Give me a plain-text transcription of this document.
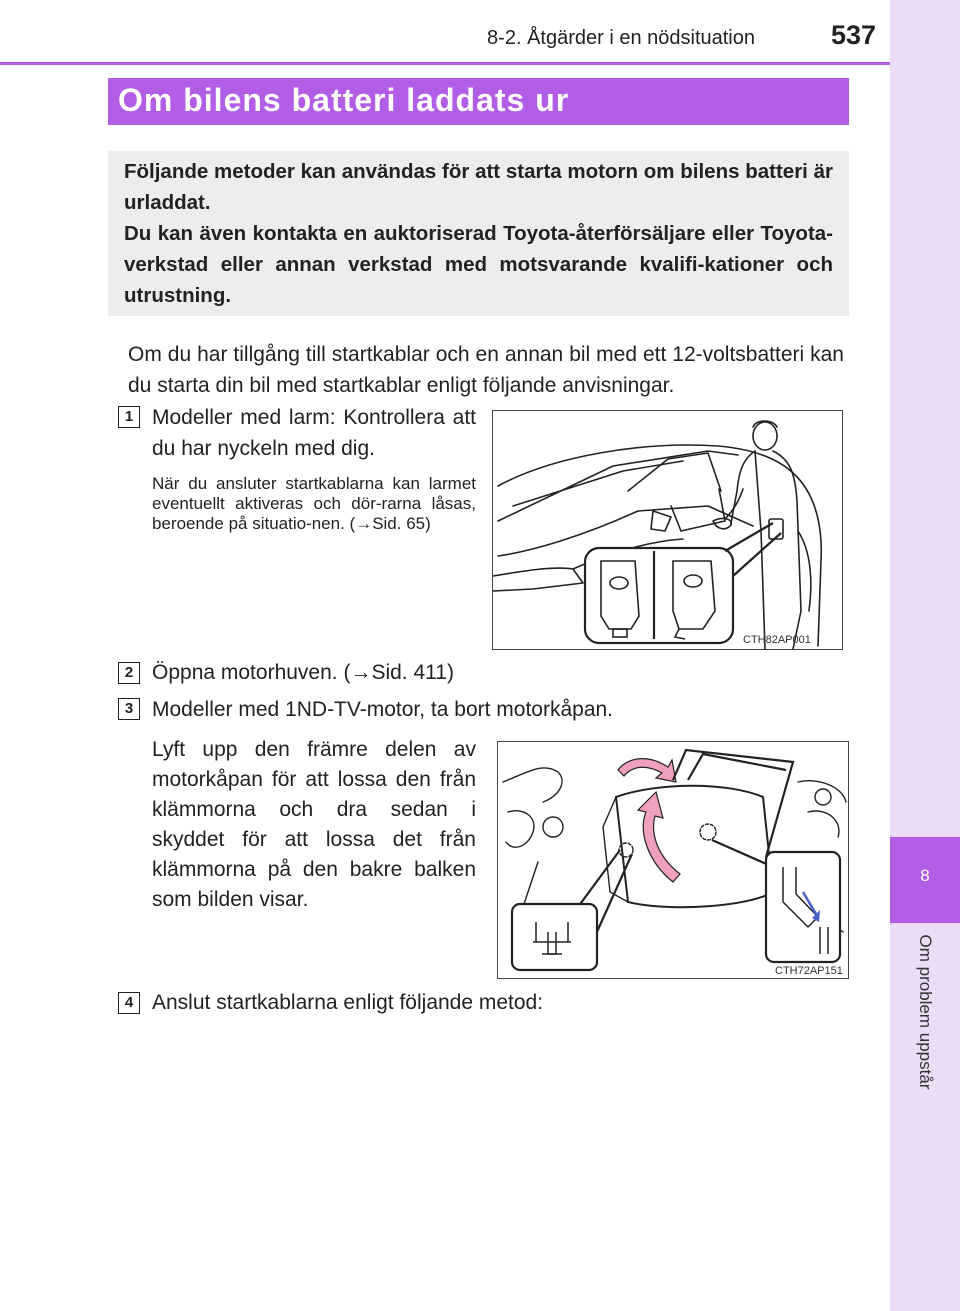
8-2. Åtgärder i en nödsituation	537
8
Om problem uppstår
Om bilens batteri laddats ur

Följande metoder kan användas för att starta motorn om bilens batteri är urladdat.

Du kan även kontakta en auktoriserad Toyota-återförsäljare eller Toyota-verkstad eller annan verkstad med motsvarande kvalifi-kationer och utrustning.

Om du har tillgång till startkablar och en annan bil med ett 12-voltsbatteri kan du starta din bil med startkablar enligt följande anvisningar.

1 Modeller med larm: Kontrollera att du har nyckeln med dig.

När du ansluter startkablarna kan larmet eventuellt aktiveras och dör-rarna låsas, beroende på situatio-nen. (→Sid. 65)

CTH82AP001
2 Öppna motorhuven. (→Sid. 411)

3 Modeller med 1ND-TV-motor, ta bort motorkåpan.

Lyft upp den främre delen av motorkåpan för att lossa den från klämmorna och dra sedan i skyddet för att lossa det från klämmorna på den bakre balken som bilden visar.

CTH72AP151
4 Anslut startkablarna enligt följande metod:
